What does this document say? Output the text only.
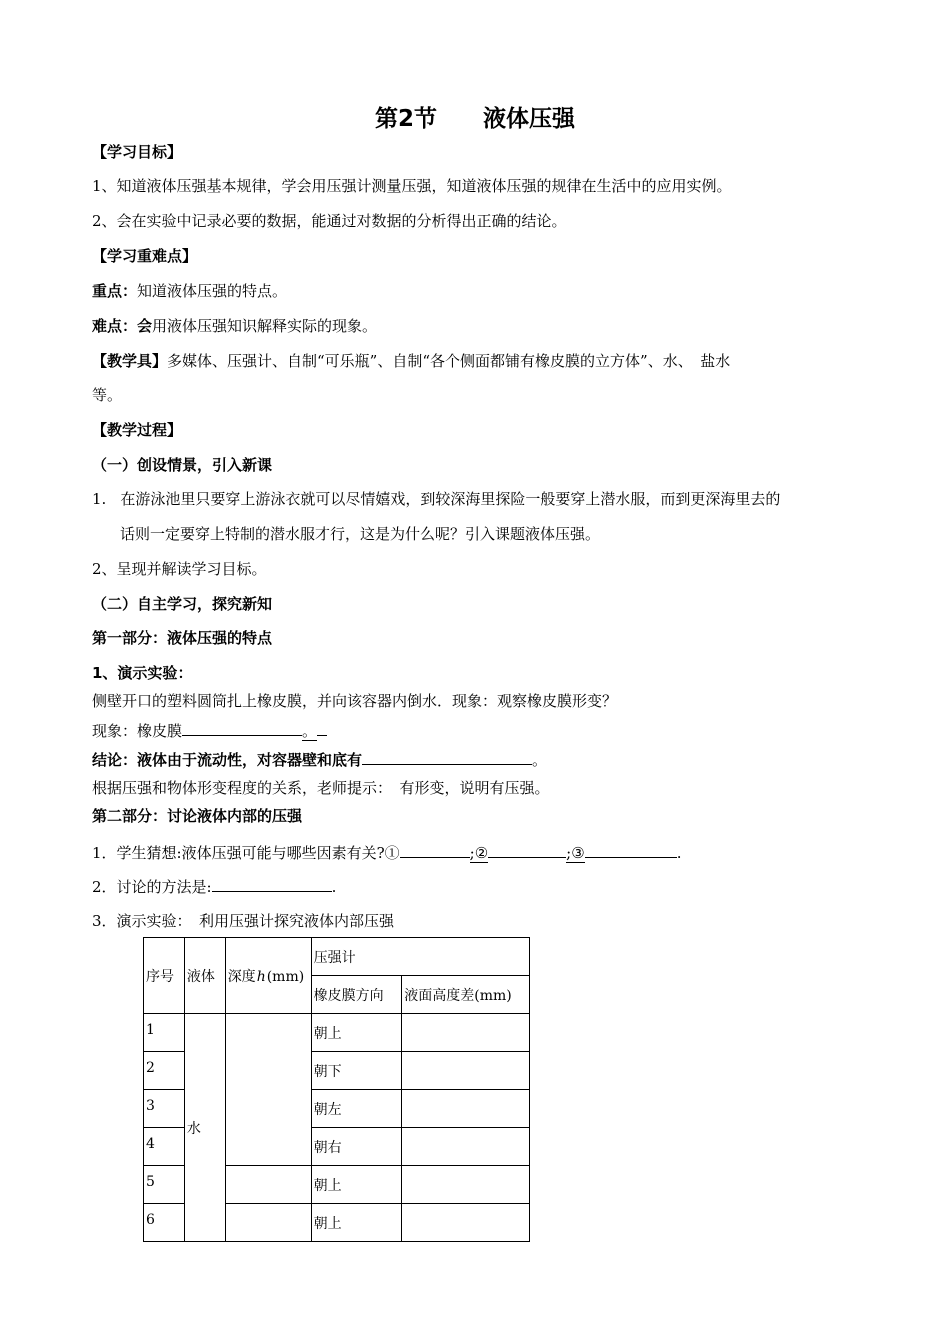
第2节　　液体压强
【学习目标】
1、知道液体压强基本规律，学会用压强计测量压强，知道液体压强的规律在生活中的应用实例。
2、会在实验中记录必要的数据，能通过对数据的分析得出正确的结论。
【学习重难点】
重点：知道液体压强的特点。
难点：会用液体压强知识解释实际的现象。
【教学具】多媒体、压强计、自制“可乐瓶”、自制“各个侧面都铺有橡皮膜的立方体”、水、　盐水
等。
【教学过程】
（一）创设情景，引入新课
1. 在游泳池里只要穿上游泳衣就可以尽情嬉戏，到较深海里探险一般要穿上潜水服，而到更深海里去的
话则一定要穿上特制的潜水服才行，这是为什么呢？引入课题液体压强。
2、呈现并解读学习目标。
（二）自主学习，探究新知
第一部分：液体压强的特点
1、演示实验：
侧壁开口的塑料圆筒扎上橡皮膜，并向该容器内倒水．现象：观察橡皮膜形变？
现象：橡皮膜	。
结论：液体由于流动性，对容器壁和底有	。
根据压强和物体形变程度的关系，老师提示：　有形变，说明有压强。
第二部分：讨论液体内部的压强
1．学生猜想:液体压强可能与哪些因素有关?①	;②	;③	.
2．讨论的方法是:	.
3．演示实验：　利用压强计探究液体内部压强
序号	液体	深度h(mm)	压强计	
			橡皮膜方向	液面高度差(mm)
1	水		朝上	
2			朝下	
3			朝左	
4			朝右	
5			朝上	
6			朝上	
